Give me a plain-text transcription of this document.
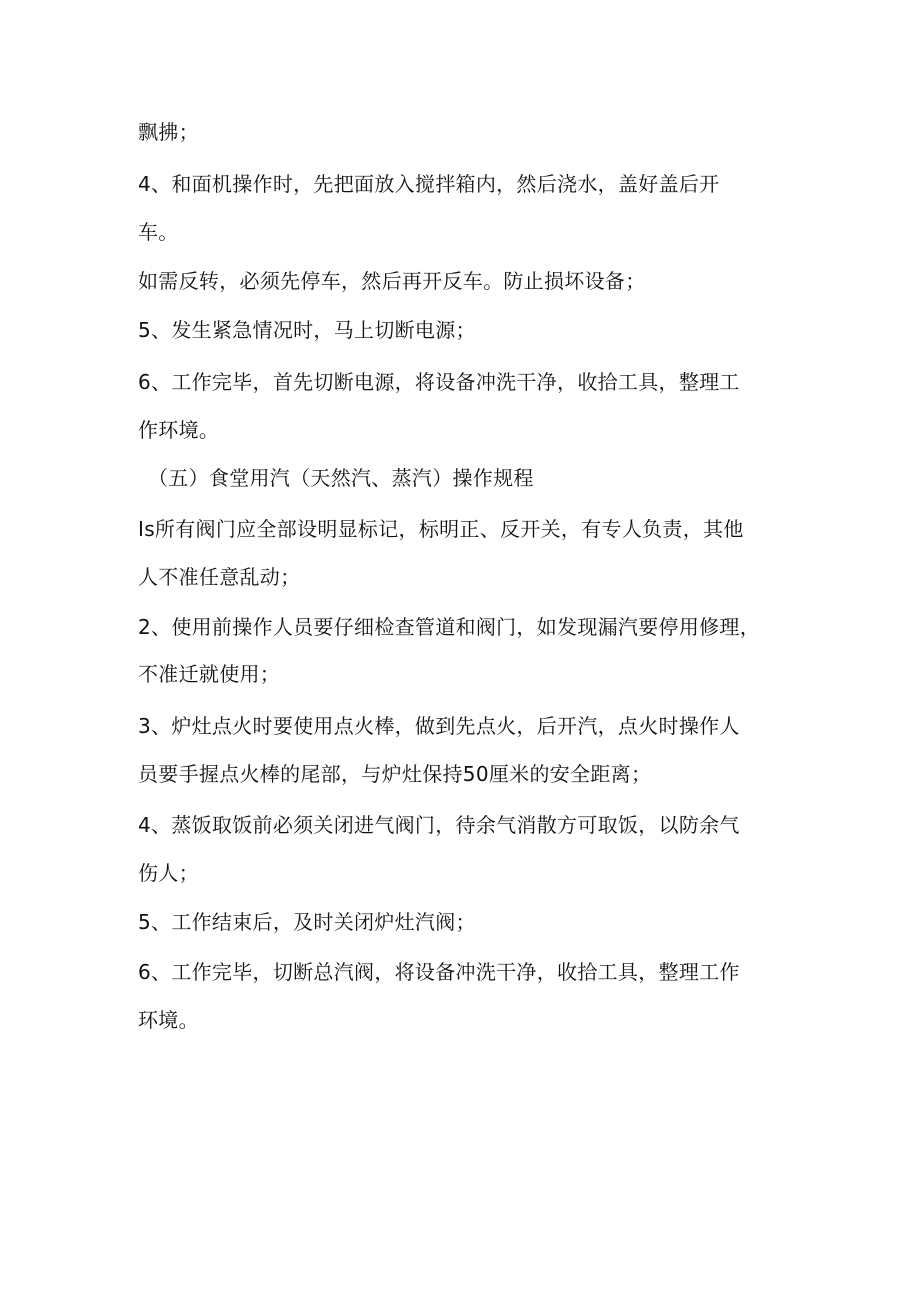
飘拂；
4、和面机操作时，先把面放入搅拌箱内，然后浇水，盖好盖后开
车。
如需反转，必须先停车，然后再开反车。防止损坏设备；
5、发生紧急情况时，马上切断电源；
6、工作完毕，首先切断电源，将设备冲洗干净，收拾工具，整理工
作环境。
（五）食堂用汽（天然汽、蒸汽）操作规程
Is所有阀门应全部设明显标记，标明正、反开关，有专人负责，其他
人不准任意乱动；
2、使用前操作人员要仔细检查管道和阀门，如发现漏汽要停用修理，
不准迁就使用；
3、炉灶点火时要使用点火棒，做到先点火，后开汽，点火时操作人
员要手握点火棒的尾部，与炉灶保持50厘米的安全距离；
4、蒸饭取饭前必须关闭进气阀门，待余气消散方可取饭，以防余气
伤人；
5、工作结束后，及时关闭炉灶汽阀；
6、工作完毕，切断总汽阀，将设备冲洗干净，收拾工具，整理工作
环境。
